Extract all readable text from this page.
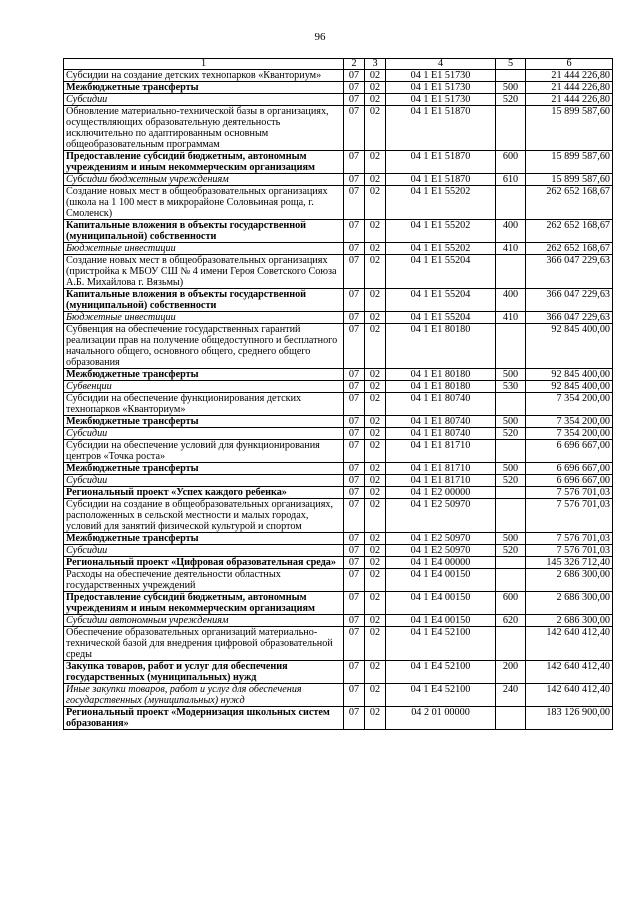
96
1	2	3	4	5	6
Субсидии на создание детских технопарков «Кванториум»	07	02	04 1 E1 51730		21 444 226,80
Межбюджетные трансферты	07	02	04 1 E1 51730	500	21 444 226,80
Субсидии	07	02	04 1 E1 51730	520	21 444 226,80
Обновление материально-технической базы в организациях, осуществляющих образовательную деятельность исключительно по адаптированным основным общеобразовательным программам	07	02	04 1 E1 51870		15 899 587,60
Предоставление субсидий бюджетным, автономным учреждениям и иным некоммерческим организациям	07	02	04 1 E1 51870	600	15 899 587,60
Субсидии бюджетным учреждениям	07	02	04 1 E1 51870	610	15 899 587,60
Создание новых мест в общеобразовательных организациях (школа на 1 100 мест в микрорайоне Соловьиная роща, г. Смоленск)	07	02	04 1 E1 55202		262 652 168,67
Капитальные вложения в объекты государственной (муниципальной) собственности	07	02	04 1 E1 55202	400	262 652 168,67
Бюджетные инвестиции	07	02	04 1 E1 55202	410	262 652 168,67
Создание новых мест в общеобразовательных организациях (пристройка к МБОУ СШ № 4 имени Героя Советского Союза А.Б. Михайлова г. Вязьмы)	07	02	04 1 E1 55204		366 047 229,63
Капитальные вложения в объекты государственной (муниципальной) собственности	07	02	04 1 E1 55204	400	366 047 229,63
Бюджетные инвестиции	07	02	04 1 E1 55204	410	366 047 229,63
Субвенция на обеспечение государственных гарантий реализации прав на получение общедоступного и бесплатного начального общего, основного общего, среднего общего образования	07	02	04 1 E1 80180		92 845 400,00
Межбюджетные трансферты	07	02	04 1 E1 80180	500	92 845 400,00
Субвенции	07	02	04 1 E1 80180	530	92 845 400,00
Субсидии на обеспечение функционирования детских технопарков «Кванториум»	07	02	04 1 E1 80740		7 354 200,00
Межбюджетные трансферты	07	02	04 1 E1 80740	500	7 354 200,00
Субсидии	07	02	04 1 E1 80740	520	7 354 200,00
Субсидии на обеспечение условий для функционирования центров «Точка роста»	07	02	04 1 E1 81710		6 696 667,00
Межбюджетные трансферты	07	02	04 1 E1 81710	500	6 696 667,00
Субсидии	07	02	04 1 E1 81710	520	6 696 667,00
Региональный проект «Успех каждого ребенка»	07	02	04 1 E2 00000		7 576 701,03
Субсидии на создание в общеобразовательных организациях, расположенных в сельской местности и малых городах, условий для занятий физической культурой и спортом	07	02	04 1 E2 50970		7 576 701,03
Межбюджетные трансферты	07	02	04 1 E2 50970	500	7 576 701,03
Субсидии	07	02	04 1 E2 50970	520	7 576 701,03
Региональный проект «Цифровая образовательная среда»	07	02	04 1 E4 00000		145 326 712,40
Расходы на обеспечение деятельности областных государственных учреждений	07	02	04 1 E4 00150		2 686 300,00
Предоставление субсидий бюджетным, автономным учреждениям и иным некоммерческим организациям	07	02	04 1 E4 00150	600	2 686 300,00
Субсидии автономным учреждениям	07	02	04 1 E4 00150	620	2 686 300,00
Обеспечение образовательных организаций материально-технической базой для внедрения цифровой образовательной среды	07	02	04 1 E4 52100		142 640 412,40
Закупка товаров, работ и услуг для обеспечения государственных (муниципальных) нужд	07	02	04 1 E4 52100	200	142 640 412,40
Иные закупки товаров, работ и услуг для обеспечения государственных (муниципальных) нужд	07	02	04 1 E4 52100	240	142 640 412,40
Региональный проект «Модернизация школьных систем образования»	07	02	04 2 01 00000		183 126 900,00
